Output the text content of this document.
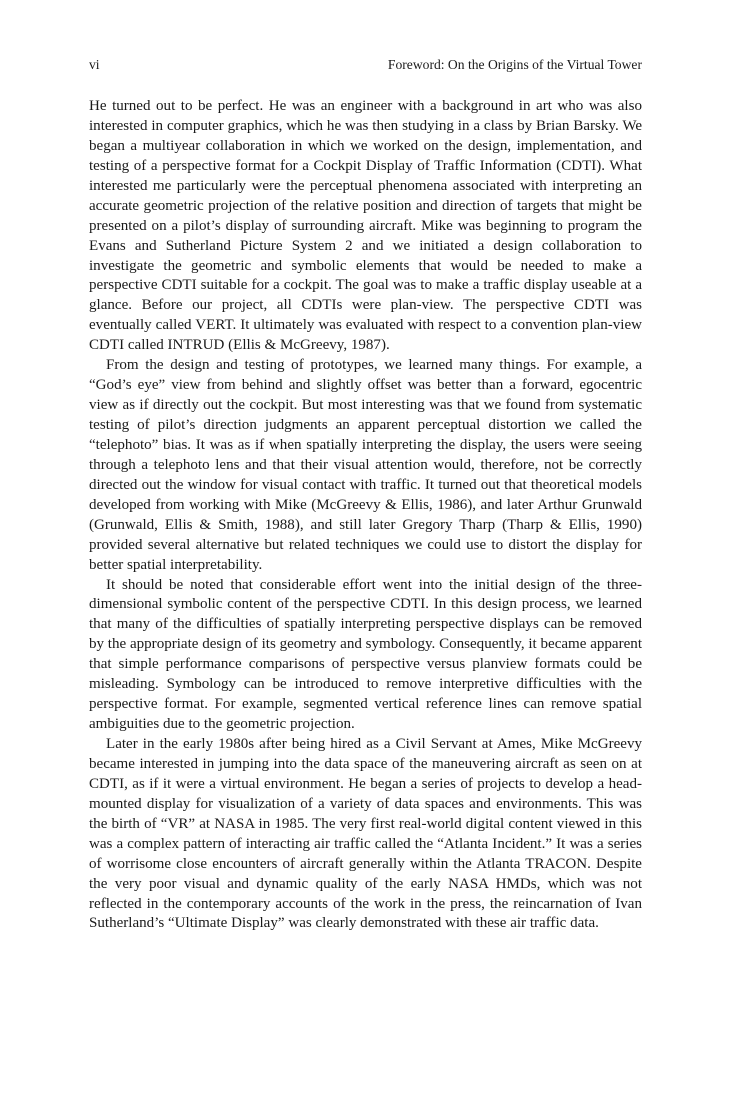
vi	Foreword: On the Origins of the Virtual Tower

He turned out to be perfect. He was an engineer with a background in art who was also interested in computer graphics, which he was then studying in a class by Brian Barsky. We began a multiyear collaboration in which we worked on the design, implementation, and testing of a perspective format for a Cockpit Display of Traffic Information (CDTI). What interested me particularly were the perceptual phenomena associated with interpreting an accurate geometric projection of the relative position and direction of targets that might be presented on a pilot’s display of surrounding aircraft. Mike was beginning to program the Evans and Sutherland Picture System 2 and we initiated a design collaboration to investigate the geometric and symbolic elements that would be needed to make a perspective CDTI suitable for a cockpit. The goal was to make a traffic display useable at a glance. Before our project, all CDTIs were plan-view. The perspective CDTI was eventually called VERT. It ultimately was evaluated with respect to a convention plan-view CDTI called INTRUD (Ellis & McGreevy, 1987).

From the design and testing of prototypes, we learned many things. For example, a “God’s eye” view from behind and slightly offset was better than a forward, egocentric view as if directly out the cockpit. But most interesting was that we found from systematic testing of pilot’s direction judgments an apparent perceptual distortion we called the “telephoto” bias. It was as if when spatially interpreting the display, the users were seeing through a telephoto lens and that their visual attention would, therefore, not be correctly directed out the window for visual contact with traffic. It turned out that theoretical models developed from working with Mike (McGreevy & Ellis, 1986), and later Arthur Grunwald (Grunwald, Ellis & Smith, 1988), and still later Gregory Tharp (Tharp & Ellis, 1990) provided several alternative but related techniques we could use to distort the display for better spatial interpretability.

It should be noted that considerable effort went into the initial design of the threedimensional symbolic content of the perspective CDTI. In this design process, we learned that many of the difficulties of spatially interpreting perspective displays can be removed by the appropriate design of its geometry and symbology. Consequently, it became apparent that simple performance comparisons of perspective versus planview formats could be misleading. Symbology can be introduced to remove interpretive difficulties with the perspective format. For example, segmented vertical reference lines can remove spatial ambiguities due to the geometric projection.

Later in the early 1980s after being hired as a Civil Servant at Ames, Mike McGreevy became interested in jumping into the data space of the maneuvering aircraft as seen on at CDTI, as if it were a virtual environment. He began a series of projects to develop a head-mounted display for visualization of a variety of data spaces and environments. This was the birth of “VR” at NASA in 1985. The very first real-world digital content viewed in this was a complex pattern of interacting air traffic called the “Atlanta Incident.” It was a series of worrisome close encounters of aircraft generally within the Atlanta TRACON. Despite the very poor visual and dynamic quality of the early NASA HMDs, which was not reflected in the contemporary accounts of the work in the press, the reincarnation of Ivan Sutherland’s “Ultimate Display” was clearly demonstrated with these air traffic data.
